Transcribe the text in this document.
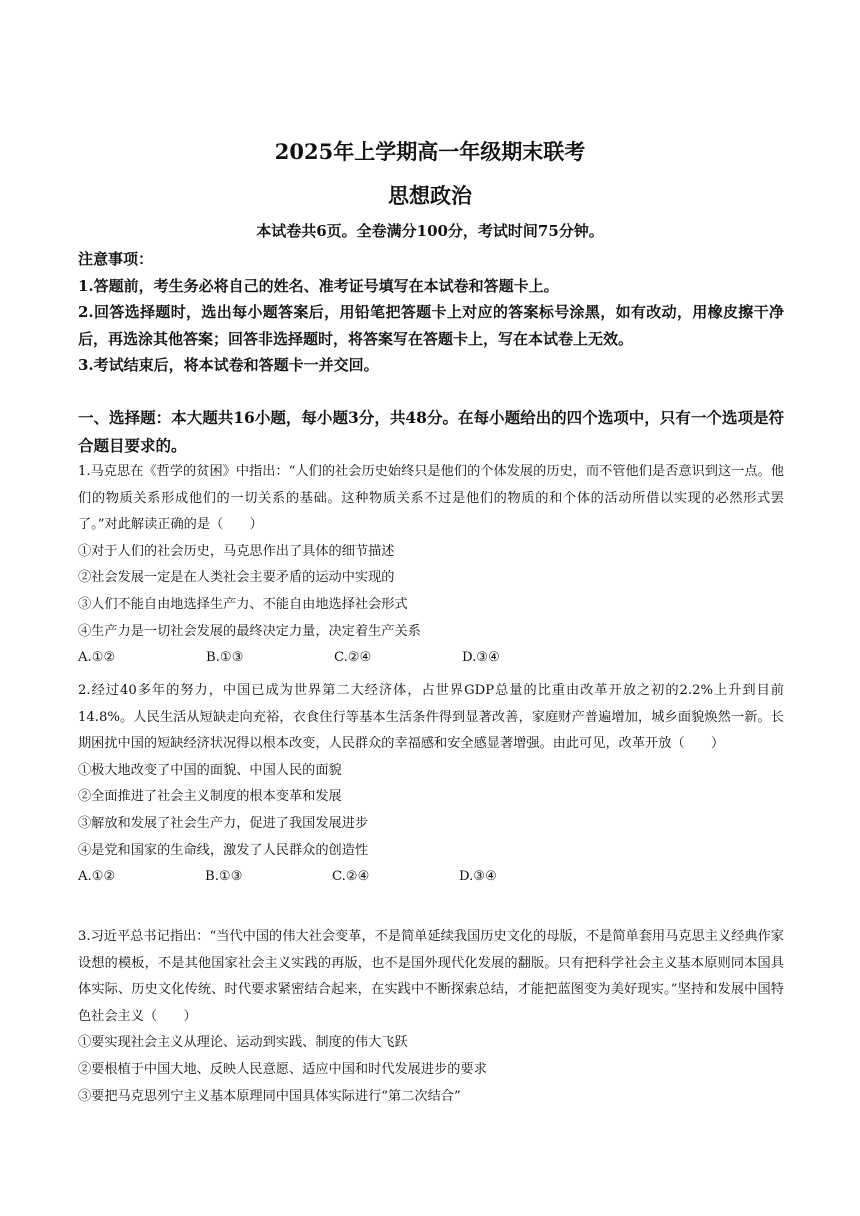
2025年上学期高一年级期末联考
思想政治
本试卷共6页。全卷满分100分，考试时间75分钟。

注意事项：

1.答题前，考生务必将自己的姓名、准考证号填写在本试卷和答题卡上。

2.回答选择题时，选出每小题答案后，用铅笔把答题卡上对应的答案标号涂黑，如有改动，用橡皮擦干净后，再选涂其他答案；回答非选择题时，将答案写在答题卡上，写在本试卷上无效。

3.考试结束后，将本试卷和答题卡一并交回。

一、选择题：本大题共16小题，每小题3分，共48分。在每小题给出的四个选项中，只有一个选项是符合题目要求的。

1.马克思在《哲学的贫困》中指出：“人们的社会历史始终只是他们的个体发展的历史，而不管他们是否意识到这一点。他们的物质关系形成他们的一切关系的基础。这种物质关系不过是他们的物质的和个体的活动所借以实现的必然形式罢了。”对此解读正确的是（　　）

①对于人们的社会历史，马克思作出了具体的细节描述

②社会发展一定是在人类社会主要矛盾的运动中实现的

③人们不能自由地选择生产力、不能自由地选择社会形式

④生产力是一切社会发展的最终决定力量，决定着生产关系

A.①②	B.①③	C.②④	D.③④

2.经过40多年的努力，中国已成为世界第二大经济体，占世界GDP总量的比重由改革开放之初的2.2%上升到目前14.8%。人民生活从短缺走向充裕，衣食住行等基本生活条件得到显著改善，家庭财产普遍增加，城乡面貌焕然一新。长期困扰中国的短缺经济状况得以根本改变，人民群众的幸福感和安全感显著增强。由此可见，改革开放（　　）

①极大地改变了中国的面貌、中国人民的面貌

②全面推进了社会主义制度的根本变革和发展

③解放和发展了社会生产力，促进了我国发展进步

④是党和国家的生命线，激发了人民群众的创造性

A.①②	B.①③	C.②④	D.③④

3.习近平总书记指出：“当代中国的伟大社会变革，不是简单延续我国历史文化的母版，不是简单套用马克思主义经典作家设想的模板，不是其他国家社会主义实践的再版，也不是国外现代化发展的翻版。只有把科学社会主义基本原则同本国具体实际、历史文化传统、时代要求紧密结合起来，在实践中不断探索总结，才能把蓝图变为美好现实。”坚持和发展中国特色社会主义（　　）

①要实现社会主义从理论、运动到实践、制度的伟大飞跃

②要根植于中国大地、反映人民意愿、适应中国和时代发展进步的要求

③要把马克思列宁主义基本原理同中国具体实际进行“第二次结合”
